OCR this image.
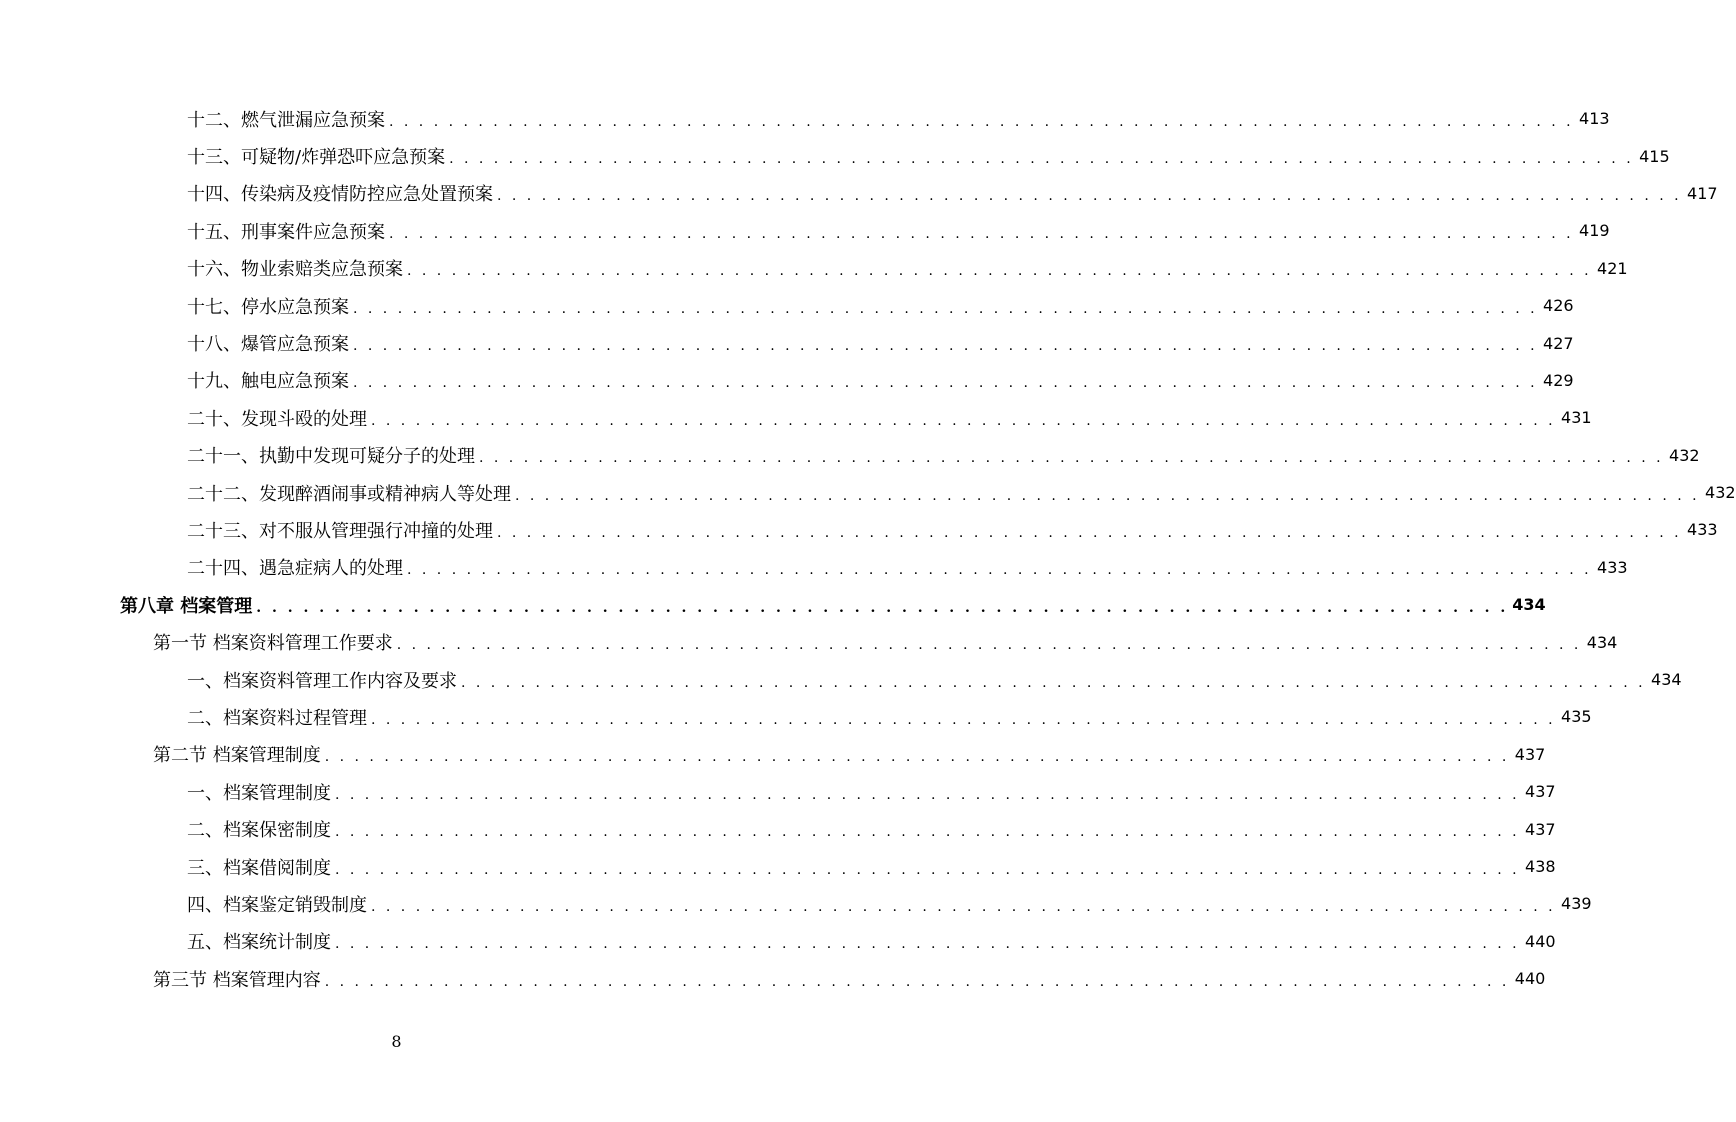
十二、燃气泄漏应急预案 . . . . . . . . . . . . . . . . . . . . . . . . . . . . . . . . . . . . . . . . . . . . . . . . . . . . . . . . . . . . . . . . . . . . . . . . . . . . . . . . 413
十三、可疑物/炸弹恐吓应急预案 . . . . . . . . . . . . . . . . . . . . . . . . . . . . . . . . . . . . . . . . . . . . . . . . . . . . . . . . . . . . . . . . . . . . . . . . . . . . . . . . 415
十四、传染病及疫情防控应急处置预案 . . . . . . . . . . . . . . . . . . . . . . . . . . . . . . . . . . . . . . . . . . . . . . . . . . . . . . . . . . . . . . . . . . . . . . . . . . . . . . . . 417
十五、刑事案件应急预案 . . . . . . . . . . . . . . . . . . . . . . . . . . . . . . . . . . . . . . . . . . . . . . . . . . . . . . . . . . . . . . . . . . . . . . . . . . . . . . . . 419
十六、物业索赔类应急预案 . . . . . . . . . . . . . . . . . . . . . . . . . . . . . . . . . . . . . . . . . . . . . . . . . . . . . . . . . . . . . . . . . . . . . . . . . . . . . . . . 421
十七、停水应急预案 . . . . . . . . . . . . . . . . . . . . . . . . . . . . . . . . . . . . . . . . . . . . . . . . . . . . . . . . . . . . . . . . . . . . . . . . . . . . . . . . 426
十八、爆管应急预案 . . . . . . . . . . . . . . . . . . . . . . . . . . . . . . . . . . . . . . . . . . . . . . . . . . . . . . . . . . . . . . . . . . . . . . . . . . . . . . . . 427
十九、触电应急预案 . . . . . . . . . . . . . . . . . . . . . . . . . . . . . . . . . . . . . . . . . . . . . . . . . . . . . . . . . . . . . . . . . . . . . . . . . . . . . . . . 429
二十、发现斗殴的处理 . . . . . . . . . . . . . . . . . . . . . . . . . . . . . . . . . . . . . . . . . . . . . . . . . . . . . . . . . . . . . . . . . . . . . . . . . . . . . . . . 431
二十一、执勤中发现可疑分子的处理 . . . . . . . . . . . . . . . . . . . . . . . . . . . . . . . . . . . . . . . . . . . . . . . . . . . . . . . . . . . . . . . . . . . . . . . . . . . . . . . . 432
二十二、发现醉酒闹事或精神病人等处理 . . . . . . . . . . . . . . . . . . . . . . . . . . . . . . . . . . . . . . . . . . . . . . . . . . . . . . . . . . . . . . . . . . . . . . . . . . . . . . . . 432
二十三、对不服从管理强行冲撞的处理 . . . . . . . . . . . . . . . . . . . . . . . . . . . . . . . . . . . . . . . . . . . . . . . . . . . . . . . . . . . . . . . . . . . . . . . . . . . . . . . . 433
二十四、遇急症病人的处理 . . . . . . . . . . . . . . . . . . . . . . . . . . . . . . . . . . . . . . . . . . . . . . . . . . . . . . . . . . . . . . . . . . . . . . . . . . . . . . . . 433
第八章 档案管理 . . . . . . . . . . . . . . . . . . . . . . . . . . . . . . . . . . . . . . . . . . . . . . . . . . . . . . . . . . . . . . . . . . . . . . . . . . . . . . . . 434
第一节 档案资料管理工作要求 . . . . . . . . . . . . . . . . . . . . . . . . . . . . . . . . . . . . . . . . . . . . . . . . . . . . . . . . . . . . . . . . . . . . . . . . . . . . . . . . 434
一、档案资料管理工作内容及要求 . . . . . . . . . . . . . . . . . . . . . . . . . . . . . . . . . . . . . . . . . . . . . . . . . . . . . . . . . . . . . . . . . . . . . . . . . . . . . . . . 434
二、档案资料过程管理 . . . . . . . . . . . . . . . . . . . . . . . . . . . . . . . . . . . . . . . . . . . . . . . . . . . . . . . . . . . . . . . . . . . . . . . . . . . . . . . . 435
第二节 档案管理制度 . . . . . . . . . . . . . . . . . . . . . . . . . . . . . . . . . . . . . . . . . . . . . . . . . . . . . . . . . . . . . . . . . . . . . . . . . . . . . . . . 437
一、档案管理制度 . . . . . . . . . . . . . . . . . . . . . . . . . . . . . . . . . . . . . . . . . . . . . . . . . . . . . . . . . . . . . . . . . . . . . . . . . . . . . . . . 437
二、档案保密制度 . . . . . . . . . . . . . . . . . . . . . . . . . . . . . . . . . . . . . . . . . . . . . . . . . . . . . . . . . . . . . . . . . . . . . . . . . . . . . . . . 437
三、档案借阅制度 . . . . . . . . . . . . . . . . . . . . . . . . . . . . . . . . . . . . . . . . . . . . . . . . . . . . . . . . . . . . . . . . . . . . . . . . . . . . . . . . 438
四、档案鉴定销毁制度 . . . . . . . . . . . . . . . . . . . . . . . . . . . . . . . . . . . . . . . . . . . . . . . . . . . . . . . . . . . . . . . . . . . . . . . . . . . . . . . . 439
五、档案统计制度 . . . . . . . . . . . . . . . . . . . . . . . . . . . . . . . . . . . . . . . . . . . . . . . . . . . . . . . . . . . . . . . . . . . . . . . . . . . . . . . . 440
第三节 档案管理内容 . . . . . . . . . . . . . . . . . . . . . . . . . . . . . . . . . . . . . . . . . . . . . . . . . . . . . . . . . . . . . . . . . . . . . . . . . . . . . . . . 440
8
